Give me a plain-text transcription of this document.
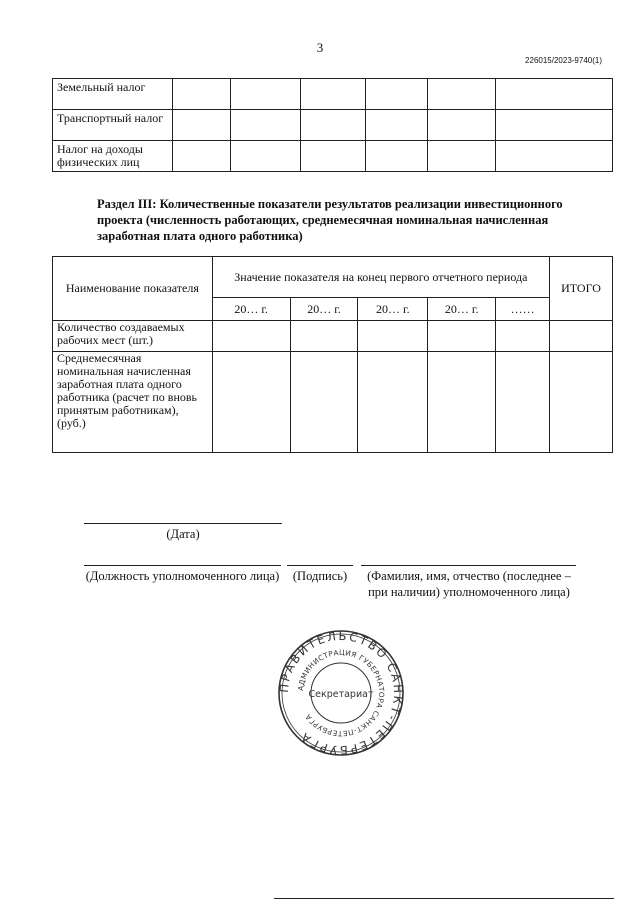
3
226015/2023-9740(1)
Земельный налог						
Транспортный налог						
Налог на доходы физических лиц						
Раздел III: Количественные показатели результатов реализации инвестиционного проекта (численность работающих, среднемесячная номинальная начисленная заработная плата одного работника)
Наименование показателя	Значение показателя на конец первого отчетного периода					ИТОГО
	20… г.	20… г.	20… г.	20… г.	……	
Количество создаваемых рабочих мест (шт.)						
Среднемесячная номинальная начисленная заработная плата одного работника (расчет по вновь принятым работникам), (руб.)						
(Дата)
(Должность уполномоченного лица)	(Подпись)	(Фамилия, имя, отчество (последнее – при наличии) уполномоченного лица)
ПРАВИТЕЛЬСТВО САНКТ-ПЕТЕРБУРГА
АДМИНИСТРАЦИЯ ГУБЕРНАТОРА САНКТ-ПЕТЕРБУРГА
Секретариат
